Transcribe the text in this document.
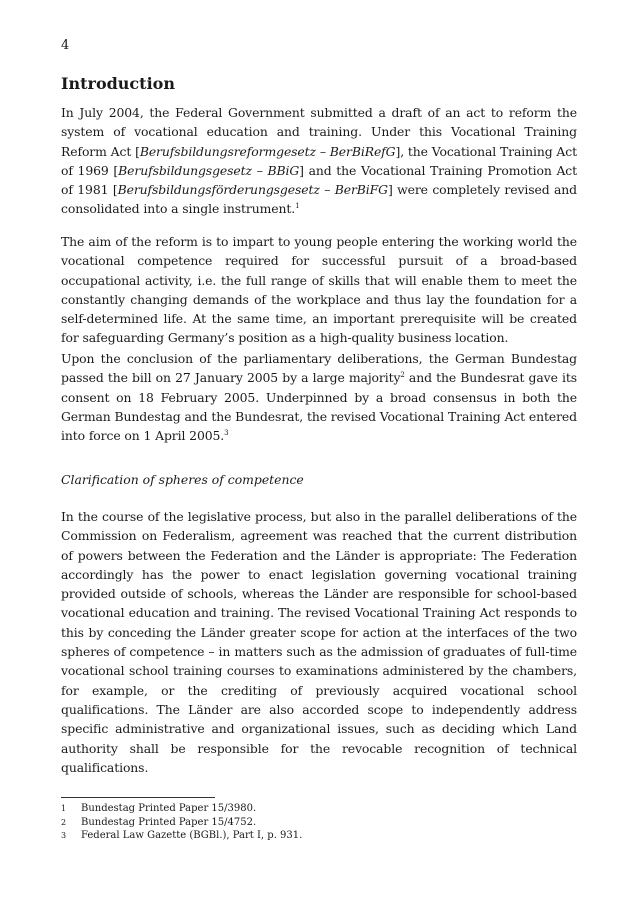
4
Introduction

In July 2004, the Federal Government submitted a draft of an act to reform the system of vocational education and training. Under this Vocational Training Reform Act [Berufsbildungsreformgesetz – BerBiRefG], the Vocational Training Act of 1969 [Berufsbildungsgesetz – BBiG] and the Vocational Training Promotion Act of 1981 [Berufsbildungsförderungsgesetz – BerBiFG] were completely revised and consolidated into a single instrument.$^1$

The aim of the reform is to impart to young people entering the working world the vocational competence required for successful pursuit of a broad-based occupational activity, i.e. the full range of skills that will enable them to meet the constantly changing demands of the workplace and thus lay the foundation for a self-determined life. At the same time, an important prerequisite will be created for safeguarding Germany’s position as a high-quality business location.

Upon the conclusion of the parliamentary deliberations, the German Bundestag passed the bill on 27 January 2005 by a large majority$^2$ and the Bundesrat gave its consent on 18 February 2005. Underpinned by a broad consensus in both the German Bundestag and the Bundesrat, the revised Vocational Training Act entered into force on 1 April 2005.$^3$

Clarification of spheres of competence

In the course of the legislative process, but also in the parallel deliberations of the Commission on Federalism, agreement was reached that the current distribution of powers between the Federation and the Länder is appropriate: The Federation accordingly has the power to enact legislation governing vocational training provided outside of schools, whereas the Länder are responsible for school-based vocational education and training. The revised Vocational Training Act responds to this by conceding the Länder greater scope for action at the interfaces of the two spheres of competence – in matters such as the admission of graduates of full-time vocational school training courses to examinations administered by the chambers, for example, or the crediting of previously acquired vocational school qualifications. The Länder are also accorded scope to independently address specific administrative and organizational issues, such as deciding which Land authority shall be responsible for the revocable recognition of technical qualifications.

1	Bundestag Printed Paper 15/3980.
2	Bundestag Printed Paper 15/4752.
3	Federal Law Gazette (BGBl.), Part I, p. 931.
